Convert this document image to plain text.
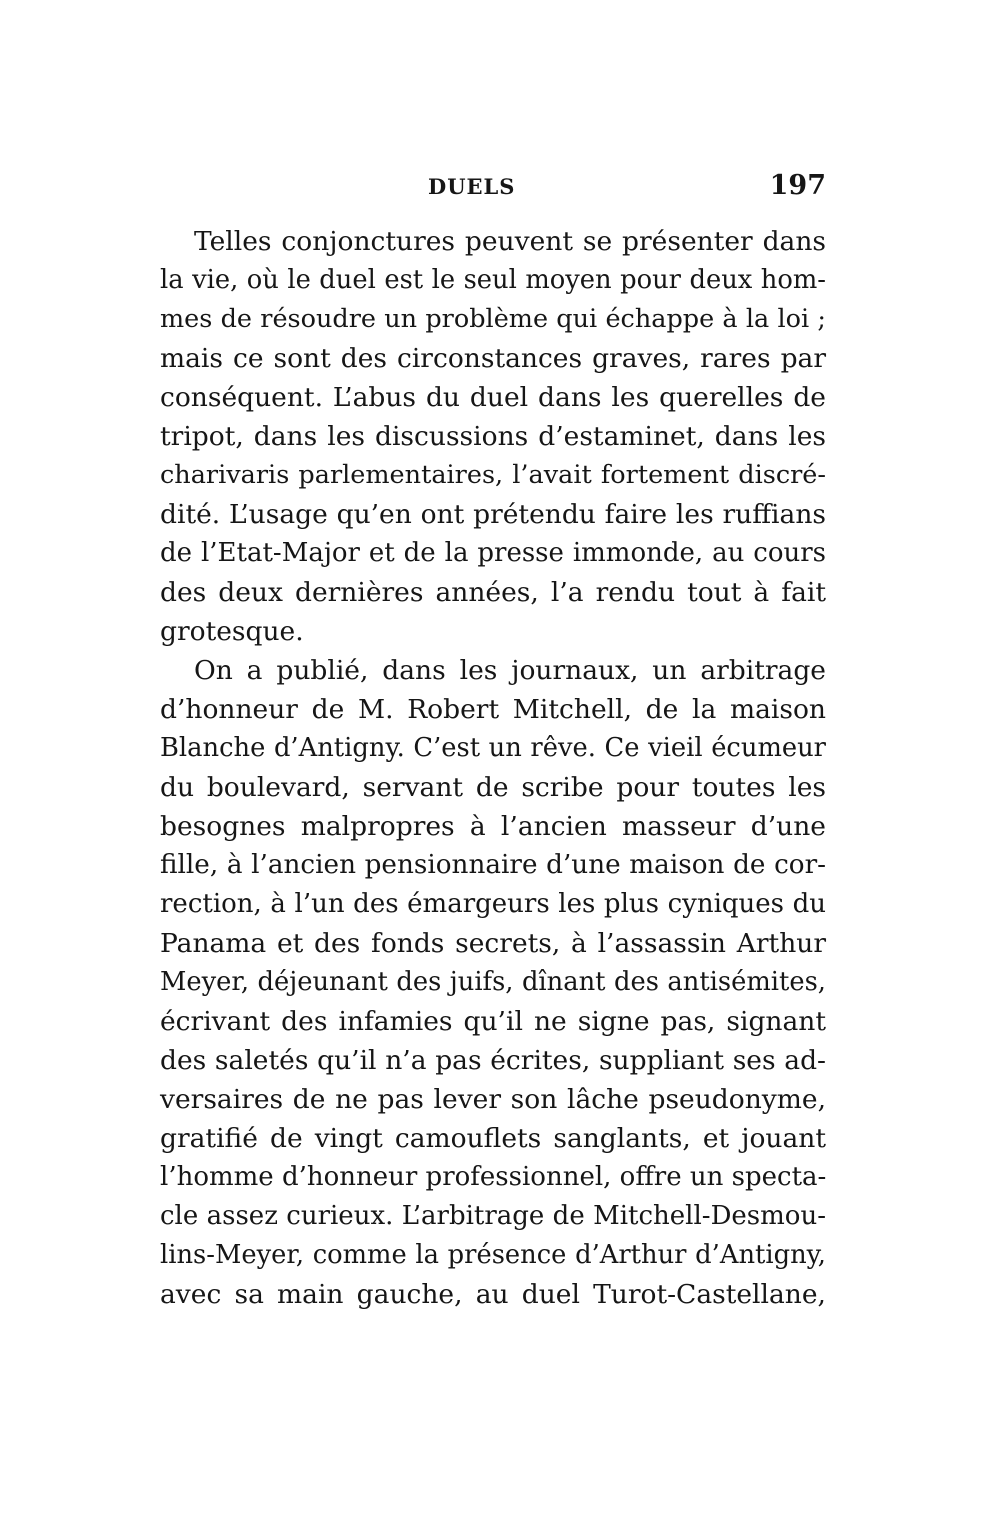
DUELS	197
Telles conjonctures peuvent se présenter dans
la vie, où le duel est le seul moyen pour deux hom-
mes de résoudre un problème qui échappe à la loi ;
mais ce sont des circonstances graves, rares par
conséquent. L’abus du duel dans les querelles de
tripot, dans les discussions d’estaminet, dans les
charivaris parlementaires, l’avait fortement discré-
dité. L’usage qu’en ont prétendu faire les ruffians
de l’Etat-Major et de la presse immonde, au cours
des deux dernières années, l’a rendu tout à fait
grotesque.
On a publié, dans les journaux, un arbitrage
d’honneur de M. Robert Mitchell, de la maison
Blanche d’Antigny. C’est un rêve. Ce vieil écumeur
du boulevard, servant de scribe pour toutes les
besognes malpropres à l’ancien masseur d’une
fille, à l’ancien pensionnaire d’une maison de cor-
rection, à l’un des émargeurs les plus cyniques du
Panama et des fonds secrets, à l’assassin Arthur
Meyer, déjeunant des juifs, dînant des antisémites,
écrivant des infamies qu’il ne signe pas, signant
des saletés qu’il n’a pas écrites, suppliant ses ad-
versaires de ne pas lever son lâche pseudonyme,
gratifié de vingt camouflets sanglants, et jouant
l’homme d’honneur professionnel, offre un specta-
cle assez curieux. L’arbitrage de Mitchell-Desmou-
lins-Meyer, comme la présence d’Arthur d’Antigny,
avec sa main gauche, au duel Turot-Castellane,
